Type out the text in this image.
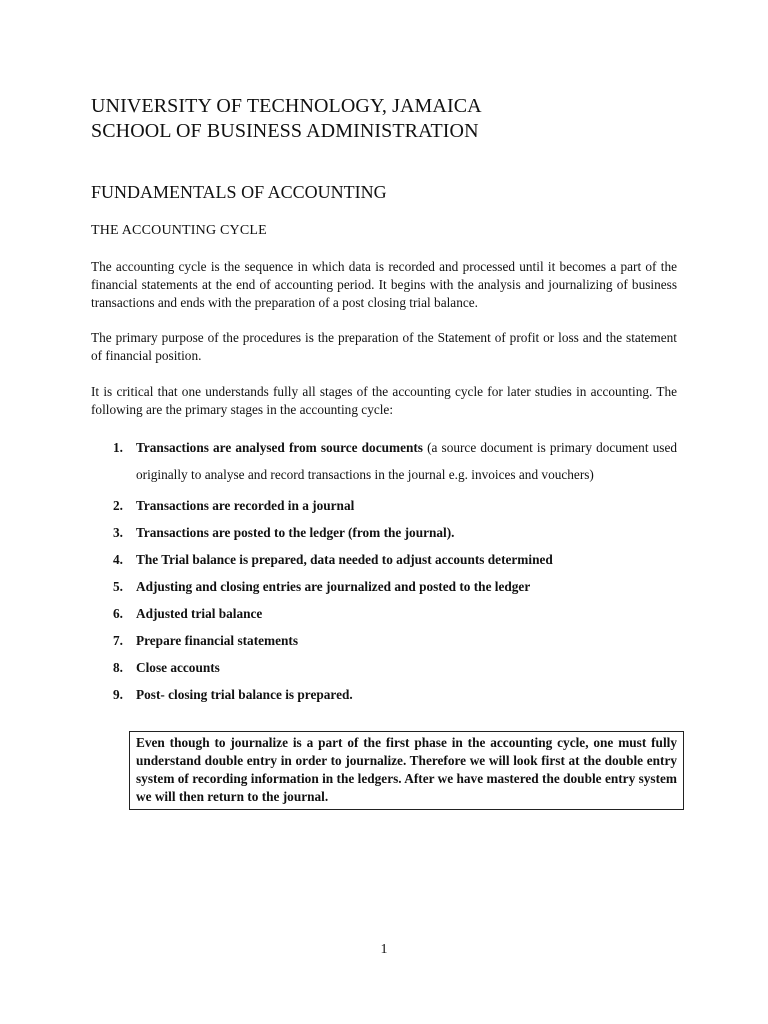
UNIVERSITY OF TECHNOLOGY, JAMAICA
SCHOOL OF BUSINESS ADMINISTRATION
FUNDAMENTALS OF ACCOUNTING
THE ACCOUNTING CYCLE

The accounting cycle is the sequence in which data is recorded and processed until it becomes a part of the financial statements at the end of accounting period. It begins with the analysis and journalizing of business transactions and ends with the preparation of a post closing trial balance.

The primary purpose of the procedures is the preparation of the Statement of profit or loss and the statement of financial position.

It is critical that one understands fully all stages of the accounting cycle for later studies in accounting. The following are the primary stages in the accounting cycle:

1. Transactions are analysed from source documents (a source document is primary document used originally to analyse and record transactions in the journal e.g. invoices and vouchers)
2. Transactions are recorded in a journal
3. Transactions are posted to the ledger (from the journal).
4. The Trial balance is prepared, data needed to adjust accounts determined
5. Adjusting and closing entries are journalized and posted to the ledger
6. Adjusted trial balance
7. Prepare financial statements
8. Close accounts
9. Post- closing trial balance is prepared.
Even though to journalize is a part of the first phase in the accounting cycle, one must fully understand double entry in order to journalize. Therefore we will look first at the double entry system of recording information in the ledgers. After we have mastered the double entry system we will then return to the journal.
1
